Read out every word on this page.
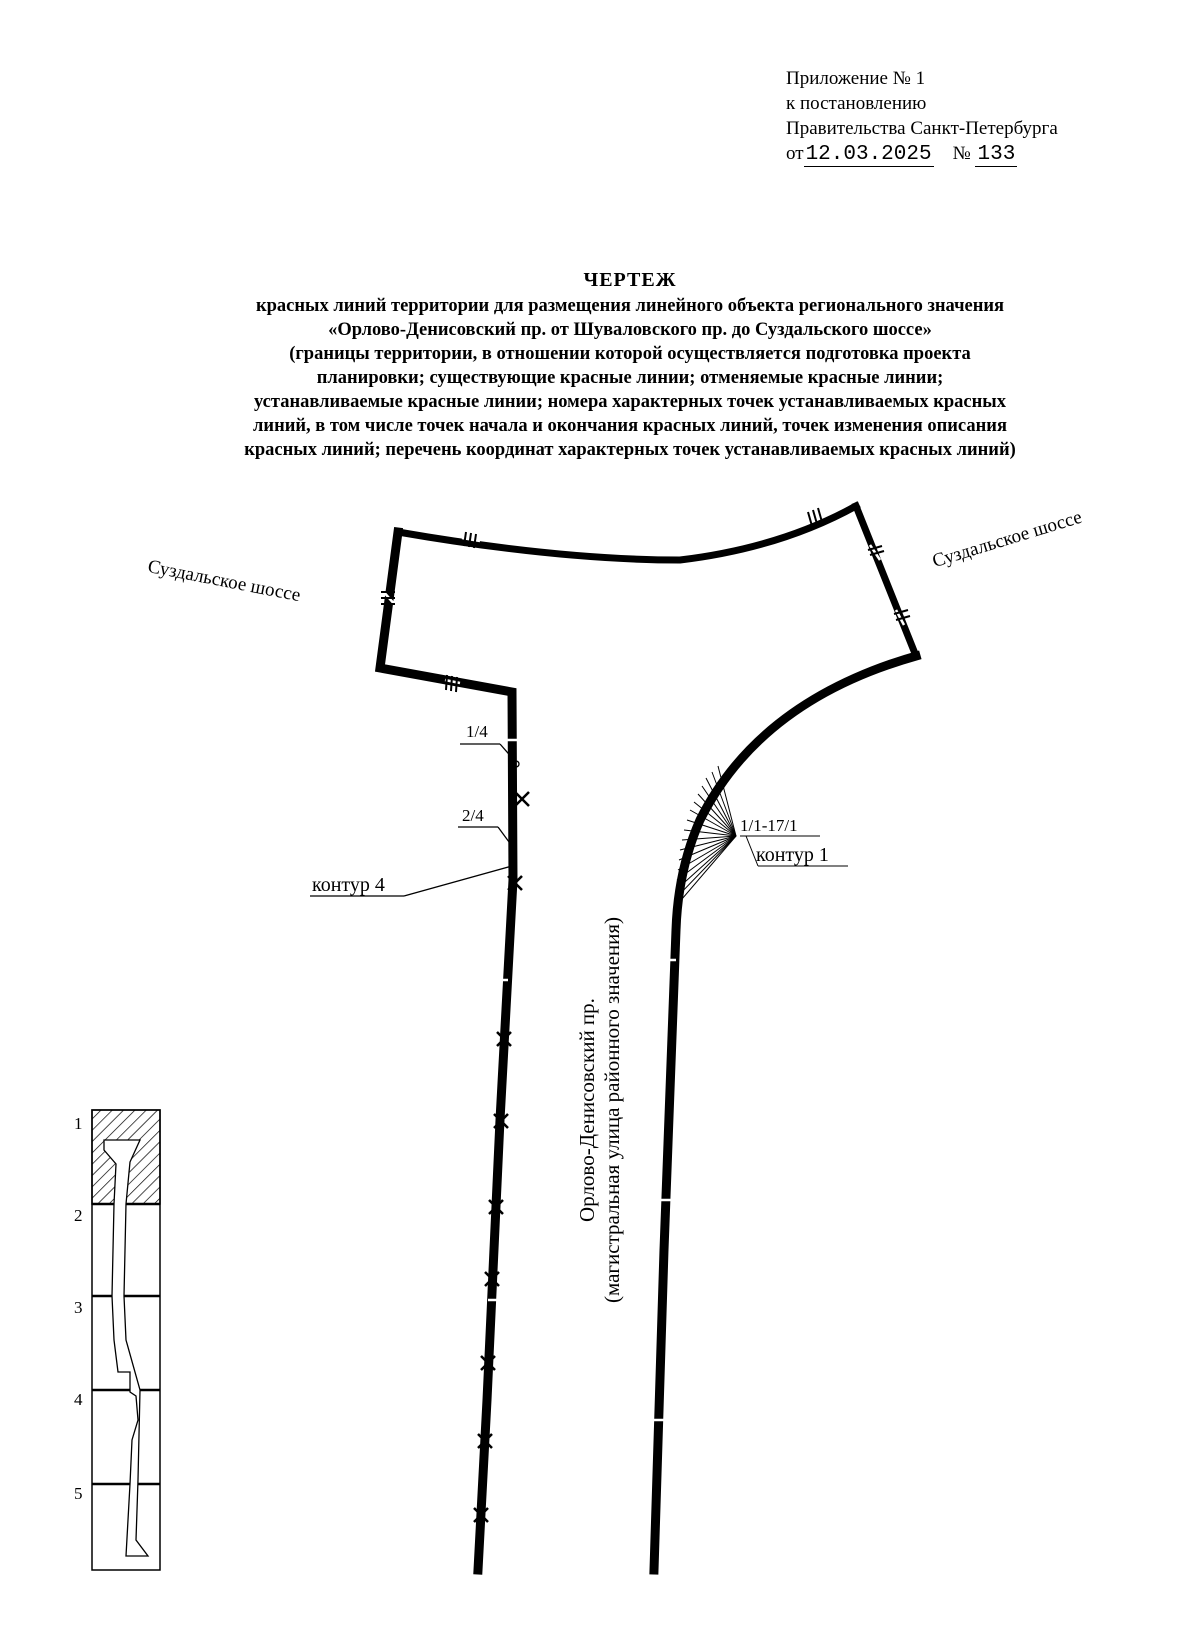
Приложение № 1
к постановлению
Правительства Санкт-Петербурга
от12.03.2025 № 133
ЧЕРТЕЖ
красных линий территории для размещения линейного объекта регионального значения
«Орлово-Денисовский пр. от Шуваловского пр. до Суздальского шоссе»
(границы территории, в отношении которой осуществляется подготовка проекта
планировки; существующие красные линии; отменяемые красные линии;
устанавливаемые красные линии; номера характерных точек устанавливаемых красных
линий, в том числе точек начала и окончания красных линий, точек изменения описания
красных линий; перечень координат характерных точек устанавливаемых красных линий)
Суздальское шоссе
Суздальское шоссе
1/4
2/4
контур 4
1/1-17/1
контур 1
Орлово-Денисовский пр. (магистральная улица районного значения)
1
2
3
4
5
